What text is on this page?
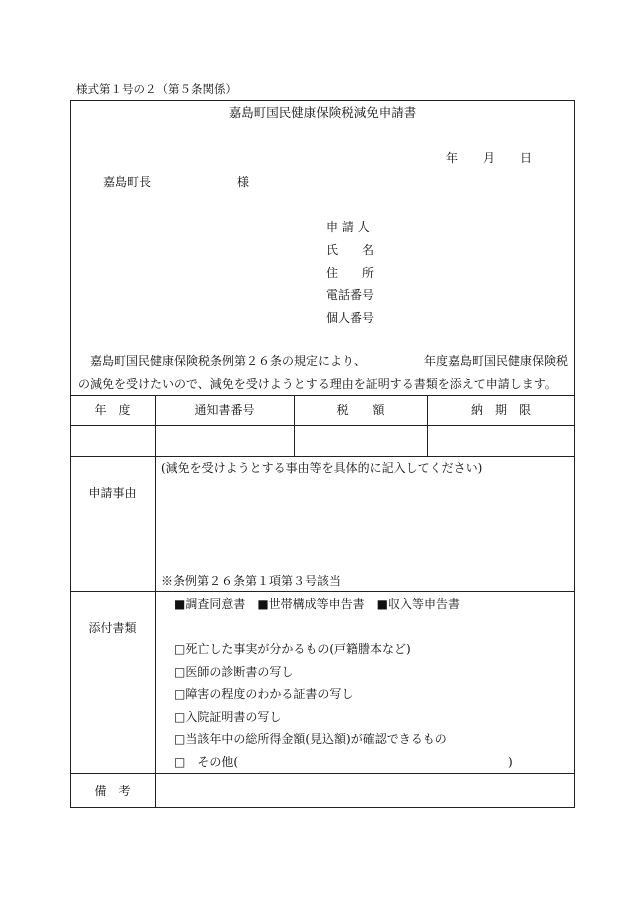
様式第１号の２（第５条関係）
嘉島町国民健康保険税減免申請書
年 月 日
嘉島町長	様
申 請 人
氏　　名
住　　所
電話番号
個人番号
嘉島町国民健康保険税条例第２６条の規定により、	年度嘉島町国民健康保険税
の減免を受けたいので、減免を受けようとする理由を証明する書類を添えて申請します。
年　度	通知書番号	税　　額	納　期　限
申請事由
(減免を受けようとする事由等を具体的に記入してください)
※条例第２６条第１項第３号該当
添付書類
■調査同意書　■世帯構成等申告書　■収入等申告書
□死亡した事実が分かるもの(戸籍謄本など)
□医師の診断書の写し
□障害の程度のわかる証書の写し
□入院証明書の写し
□当該年中の総所得金額(見込額)が確認できるもの
□　その他(	)
備　考
